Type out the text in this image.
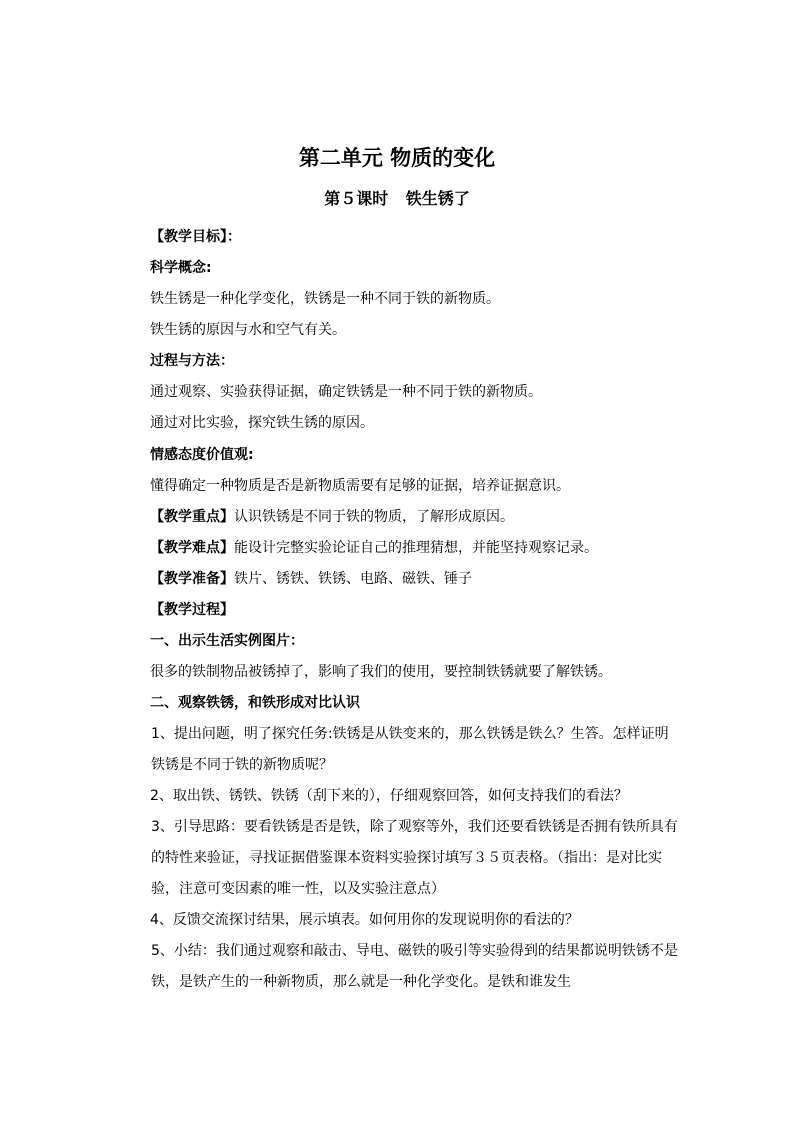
第二单元 物质的变化
第５课时 铁生锈了

【教学目标】：

科学概念:

铁生锈是一种化学变化，铁锈是一种不同于铁的新物质。

铁生锈的原因与水和空气有关。

过程与方法：

通过观察、实验获得证据，确定铁锈是一种不同于铁的新物质。

通过对比实验，探究铁生锈的原因。

情感态度价值观:

懂得确定一种物质是否是新物质需要有足够的证据，培养证据意识。

【教学重点】认识铁锈是不同于铁的物质，了解形成原因。

【教学难点】能设计完整实验论证自己的推理猜想，并能坚持观察记录。

【教学准备】铁片、锈铁、铁锈、电路、磁铁、锤子

【教学过程】

一、出示生活实例图片：

很多的铁制物品被锈掉了，影响了我们的使用，要控制铁锈就要了解铁锈。

二、观察铁锈，和铁形成对比认识

1、提出问题，明了探究任务:铁锈是从铁变来的，那么铁锈是铁么？生答。怎样证明铁锈是不同于铁的新物质呢？

2、取出铁、锈铁、铁锈（刮下来的），仔细观察回答，如何支持我们的看法？

3、引导思路：要看铁锈是否是铁，除了观察等外，我们还要看铁锈是否拥有铁所具有的特性来验证，寻找证据借鉴课本资料实验探讨填写３５页表格。（指出：是对比实验，注意可变因素的唯一性，以及实验注意点）

4、反馈交流探讨结果，展示填表。如何用你的发现说明你的看法的？

5、小结：我们通过观察和敲击、导电、磁铁的吸引等实验得到的结果都说明铁锈不是铁，是铁产生的一种新物质，那么就是一种化学变化。是铁和谁发生
